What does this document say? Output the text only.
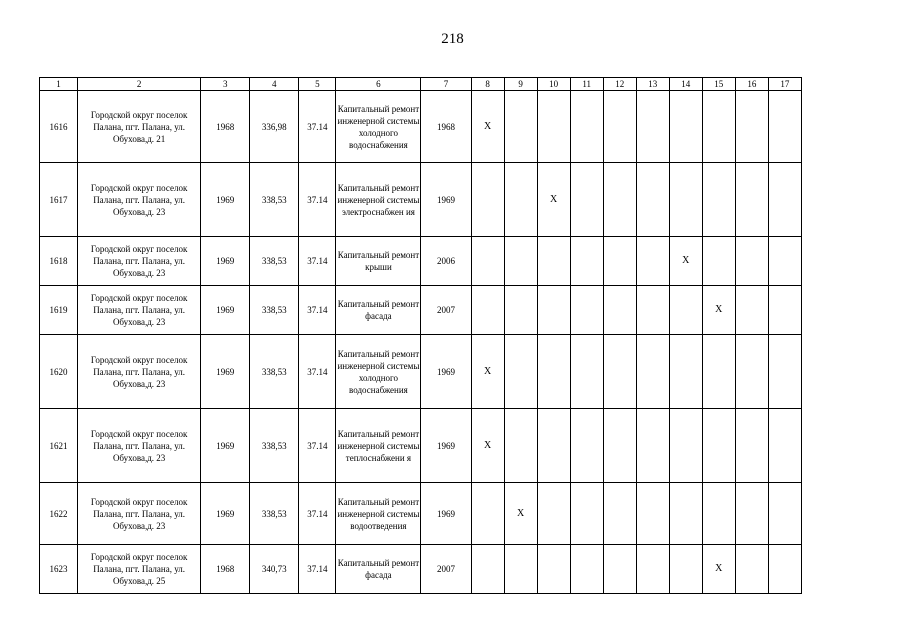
218
1	2	3	4	5	6	7	8	9	10	11	12	13	14	15	16	17
1616	Городской округ поселок Палана, пгт. Палана, ул. Обухова,д. 21	1968	336,98	37.14	Капитальный ремонт инженерной системы холодного водоснабжения	1968	X									
1617	Городской округ поселок Палана, пгт. Палана, ул. Обухова,д. 23	1969	338,53	37.14	Капитальный ремонт инженерной системы электроснабжен ия	1969			X							
1618	Городской округ поселок Палана, пгт. Палана, ул. Обухова,д. 23	1969	338,53	37.14	Капитальный ремонт крыши	2006							X			
1619	Городской округ поселок Палана, пгт. Палана, ул. Обухова,д. 23	1969	338,53	37.14	Капитальный ремонт фасада	2007								X		
1620	Городской округ поселок Палана, пгт. Палана, ул. Обухова,д. 23	1969	338,53	37.14	Капитальный ремонт инженерной системы холодного водоснабжения	1969	X									
1621	Городской округ поселок Палана, пгт. Палана, ул. Обухова,д. 23	1969	338,53	37.14	Капитальный ремонт инженерной системы теплоснабжени я	1969	X									
1622	Городской округ поселок Палана, пгт. Палана, ул. Обухова,д. 23	1969	338,53	37.14	Капитальный ремонт инженерной системы водоотведения	1969		X								
1623	Городской округ поселок Палана, пгт. Палана, ул. Обухова,д. 25	1968	340,73	37.14	Капитальный ремонт фасада	2007								X		
